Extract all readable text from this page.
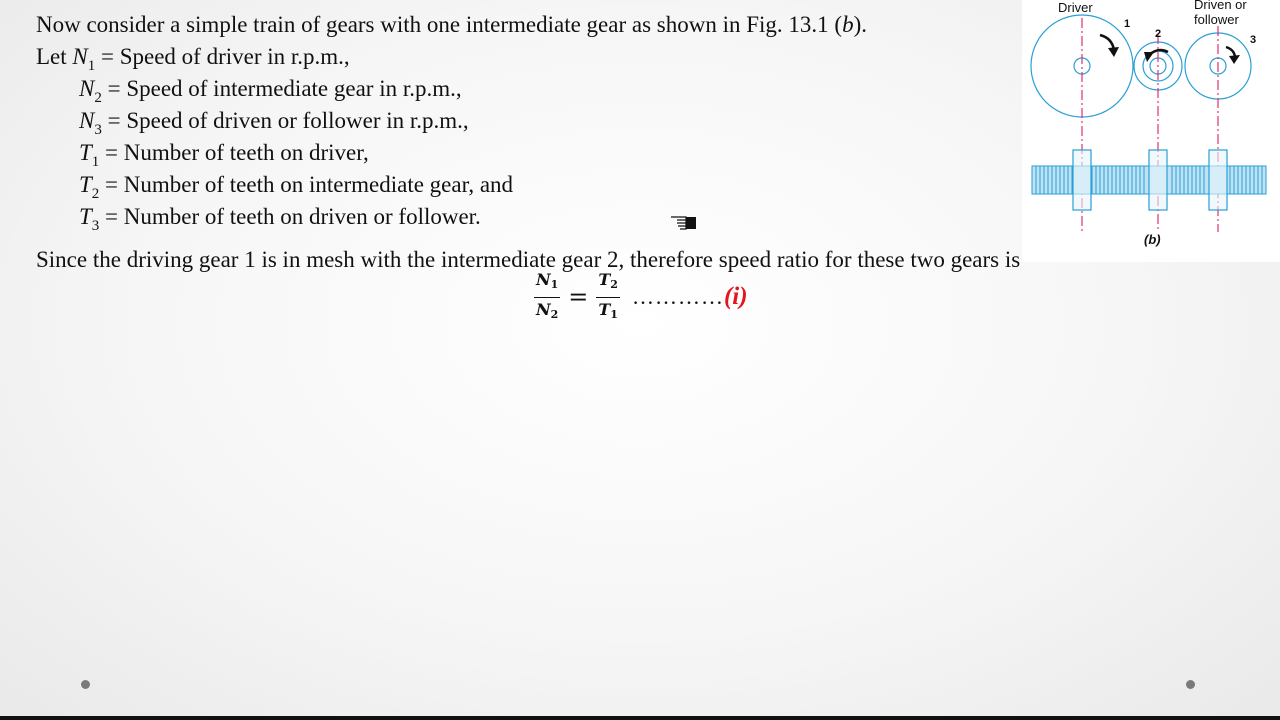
Now consider a simple train of gears with one intermediate gear as shown in Fig. 13.1 (b).
Let $N_1$ = Speed of driver in r.p.m.,
$N_2$ = Speed of intermediate gear in r.p.m.,
$N_3$ = Speed of driven or follower in r.p.m.,
$T_1$ = Number of teeth on driver,
$T_2$ = Number of teeth on intermediate gear, and
$T_3$ = Number of teeth on driven or follower.
Since the driving gear 1 is in mesh with the intermediate gear 2, therefore speed ratio for these two gears is
$\frac{N1}{N2} = \frac{T2}{T1}$ ………… (i)
Driver	Driven or
follower
1
2	3
(b)
